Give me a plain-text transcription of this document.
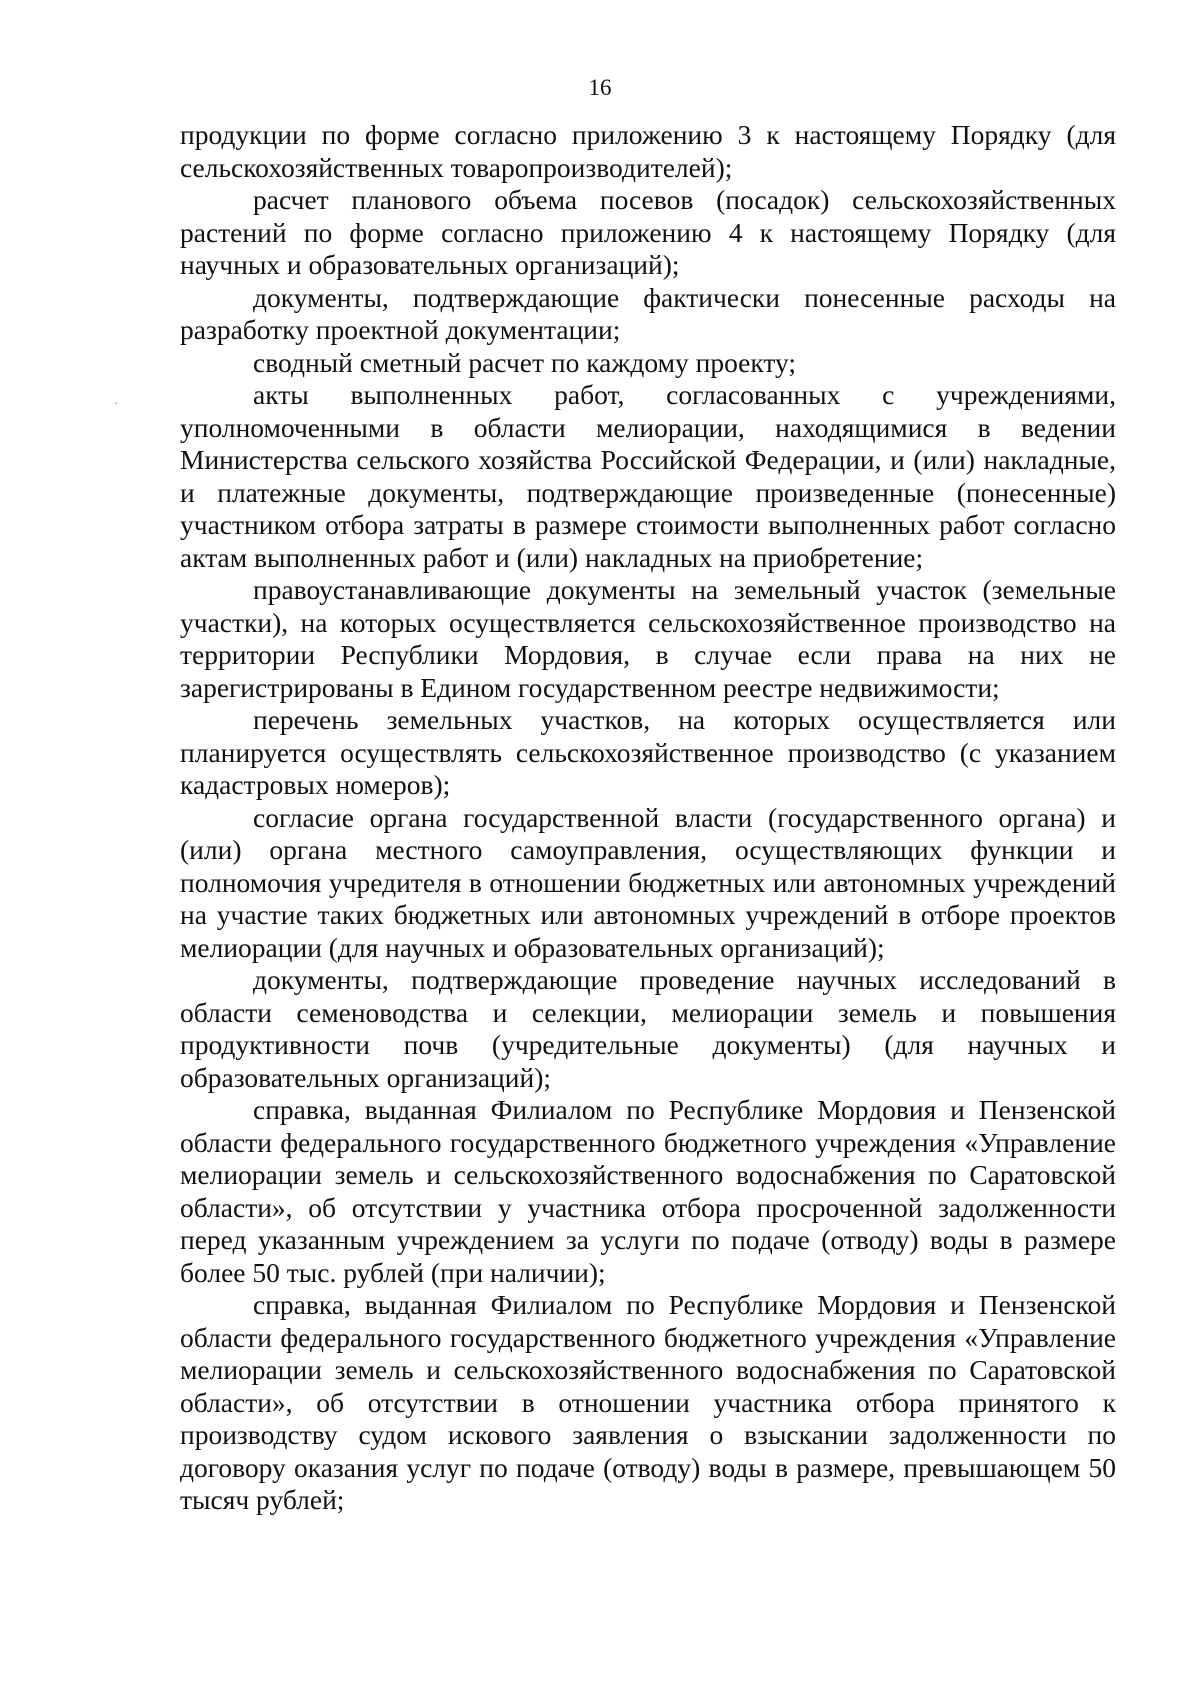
16
·

продукции по форме согласно приложению 3 к настоящему Порядку (для сельскохозяйственных товаропроизводителей);

расчет планового объема посевов (посадок) сельскохозяйственных растений по форме согласно приложению 4 к настоящему Порядку (для научных и образовательных организаций);

документы, подтверждающие фактически понесенные расходы на разработку проектной документации;

сводный сметный расчет по каждому проекту;

акты выполненных работ, согласованных с учреждениями, уполномоченными в области мелиорации, находящимися в ведении Министерства сельского хозяйства Российской Федерации, и (или) накладные, и платежные документы, подтверждающие произведенные (понесенные) участником отбора затраты в размере стоимости выполненных работ согласно актам выполненных работ и (или) накладных на приобретение;

правоустанавливающие документы на земельный участок (земельные участки), на которых осуществляется сельскохозяйственное производство на территории Республики Мордовия, в случае если права на них не зарегистрированы в Едином государственном реестре недвижимости;

перечень земельных участков, на которых осуществляется или планируется осуществлять сельскохозяйственное производство (с указанием кадастровых номеров);

согласие органа государственной власти (государственного органа) и (или) органа местного самоуправления, осуществляющих функции и полномочия учредителя в отношении бюджетных или автономных учреждений на участие таких бюджетных или автономных учреждений в отборе проектов мелиорации (для научных и образовательных организаций);

документы, подтверждающие проведение научных исследований в области семеноводства и селекции, мелиорации земель и повышения продуктивности почв (учредительные документы) (для научных и образовательных организаций);

справка, выданная Филиалом по Республике Мордовия и Пензенской области федерального государственного бюджетного учреждения «Управление мелиорации земель и сельскохозяйственного водоснабжения по Саратовской области», об отсутствии у участника отбора просроченной задолженности перед указанным учреждением за услуги по подаче (отводу) воды в размере более 50 тыс. рублей (при наличии);

справка, выданная Филиалом по Республике Мордовия и Пензенской области федерального государственного бюджетного учреждения «Управление мелиорации земель и сельскохозяйственного водоснабжения по Саратовской области», об отсутствии в отношении участника отбора принятого к производству судом искового заявления о взыскании задолженности по договору оказания услуг по подаче (отводу) воды в размере, превышающем 50 тысяч рублей;
